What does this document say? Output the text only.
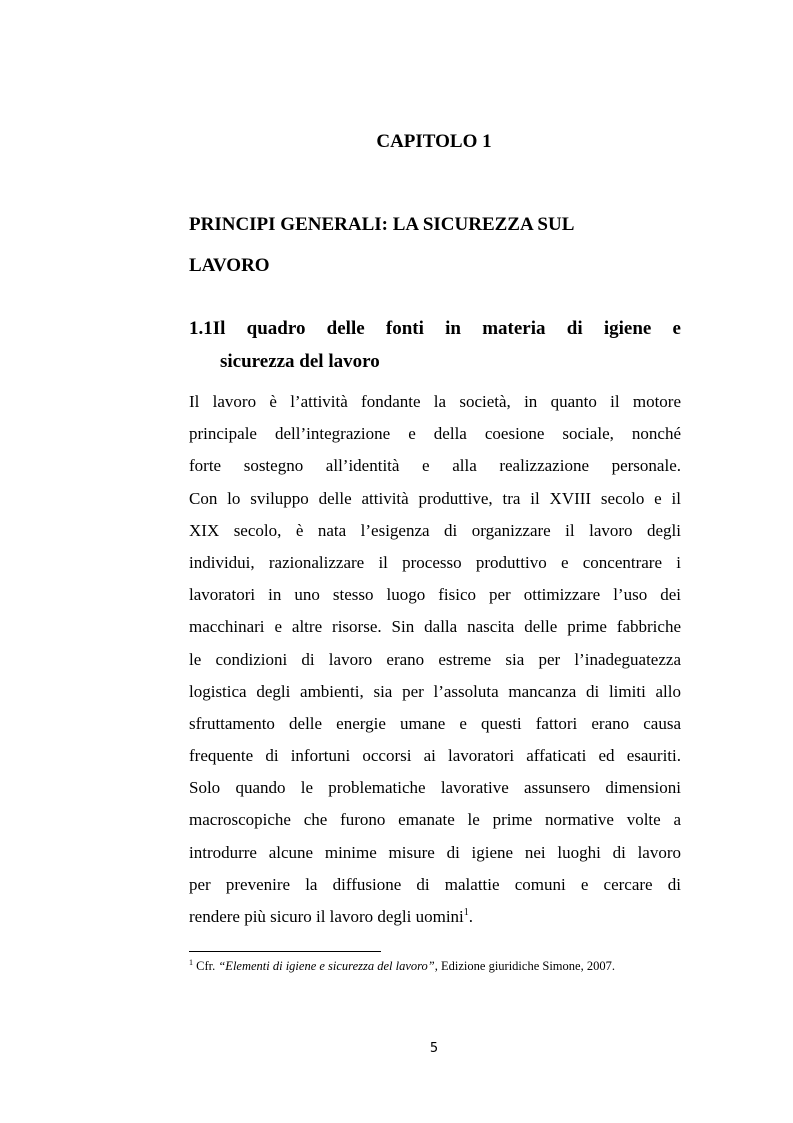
CAPITOLO 1
PRINCIPI GENERALI: LA SICUREZZA SUL LAVORO
1.1Il quadro delle fonti in materia di igiene e
sicurezza del lavoro
Il lavoro è l’attività fondante la società, in quanto il motore
principale dell’integrazione e della coesione sociale, nonché
forte sostegno all’identità e alla realizzazione personale.
Con lo sviluppo delle attività produttive, tra il XVIII secolo e il
XIX secolo, è nata l’esigenza di organizzare il lavoro degli
individui, razionalizzare il processo produttivo e concentrare i
lavoratori in uno stesso luogo fisico per ottimizzare l’uso dei
macchinari e altre risorse. Sin dalla nascita delle prime fabbriche
le condizioni di lavoro erano estreme sia per l’inadeguatezza
logistica degli ambienti, sia per l’assoluta mancanza di limiti allo
sfruttamento delle energie umane e questi fattori erano causa
frequente di infortuni occorsi ai lavoratori affaticati ed esauriti.
Solo quando le problematiche lavorative assunsero dimensioni
macroscopiche che furono emanate le prime normative volte a
introdurre alcune minime misure di igiene nei luoghi di lavoro
per prevenire la diffusione di malattie comuni e cercare di
rendere più sicuro il lavoro degli uomini$^1$.

$^1$ Cfr. “Elementi di igiene e sicurezza del lavoro”, Edizione giuridiche Simone, 2007.

5
